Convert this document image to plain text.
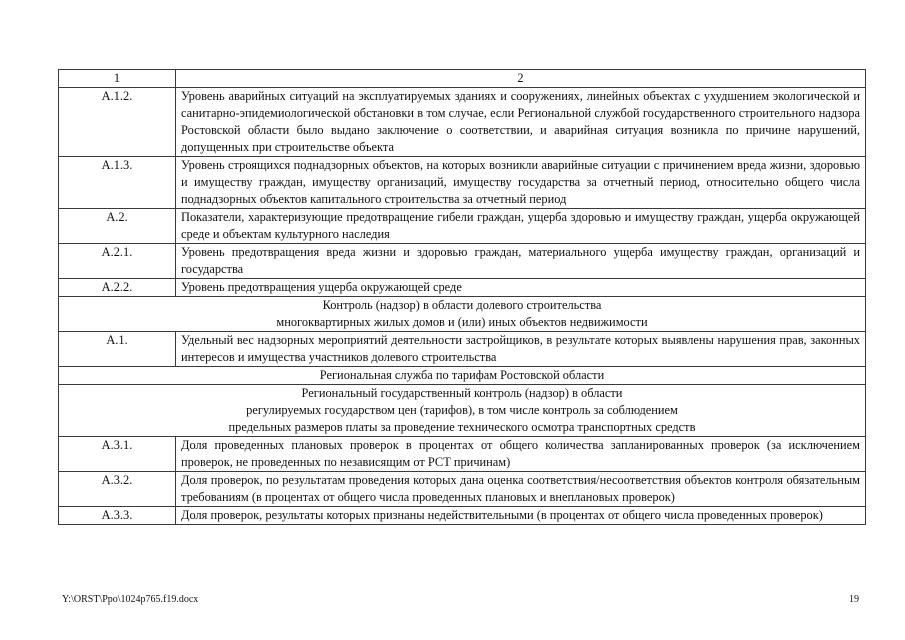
1	2
А.1.2.	Уровень аварийных ситуаций на эксплуатируемых зданиях и сооружениях, линейных объектах с ухудшением экологической и санитарно-эпидемиологической обстановки в том случае, если Региональной службой государственного строительного надзора Ростовской области было выдано заключение о соответствии, и аварийная ситуация возникла по причине нарушений, допущенных при строительстве объекта
А.1.3.	Уровень строящихся поднадзорных объектов, на которых возникли аварийные ситуации с причинением вреда жизни, здоровью и имуществу граждан, имуществу организаций, имуществу государства за отчетный период, относительно общего числа поднадзорных объектов капитального строительства за отчетный период
А.2.	Показатели, характеризующие предотвращение гибели граждан, ущерба здоровью и имуществу граждан, ущерба окружающей среде и объектам культурного наследия
А.2.1.	Уровень предотвращения вреда жизни и здоровью граждан, материального ущерба имуществу граждан, организаций и государства
А.2.2.	Уровень предотвращения ущерба окружающей среде

Контроль (надзор) в области долевого строительства
многоквартирных жилых домов и (или) иных объектов недвижимости	

А.1.	Удельный вес надзорных мероприятий деятельности застройщиков, в результате которых выявлены нарушения прав, законных интересов и имущества участников долевого строительства

Региональная служба по тарифам Ростовской области	

Региональный государственный контроль (надзор) в области
регулируемых государством цен (тарифов), в том числе контроль за соблюдением
предельных размеров платы за проведение технического осмотра транспортных средств	

А.3.1.	Доля проведенных плановых проверок в процентах от общего количества запланированных проверок (за исключением проверок, не проведенных по независящим от РСТ причинам)
А.3.2.	Доля проверок, по результатам проведения которых дана оценка соответствия/несоответствия объектов контроля обязательным требованиям (в процентах от общего числа проведенных плановых и внеплановых проверок)
А.3.3.	Доля проверок, результаты которых признаны недействительными (в процентах от общего числа проведенных проверок)
Y:\ORST\Ppo\1024p765.f19.docx	19
